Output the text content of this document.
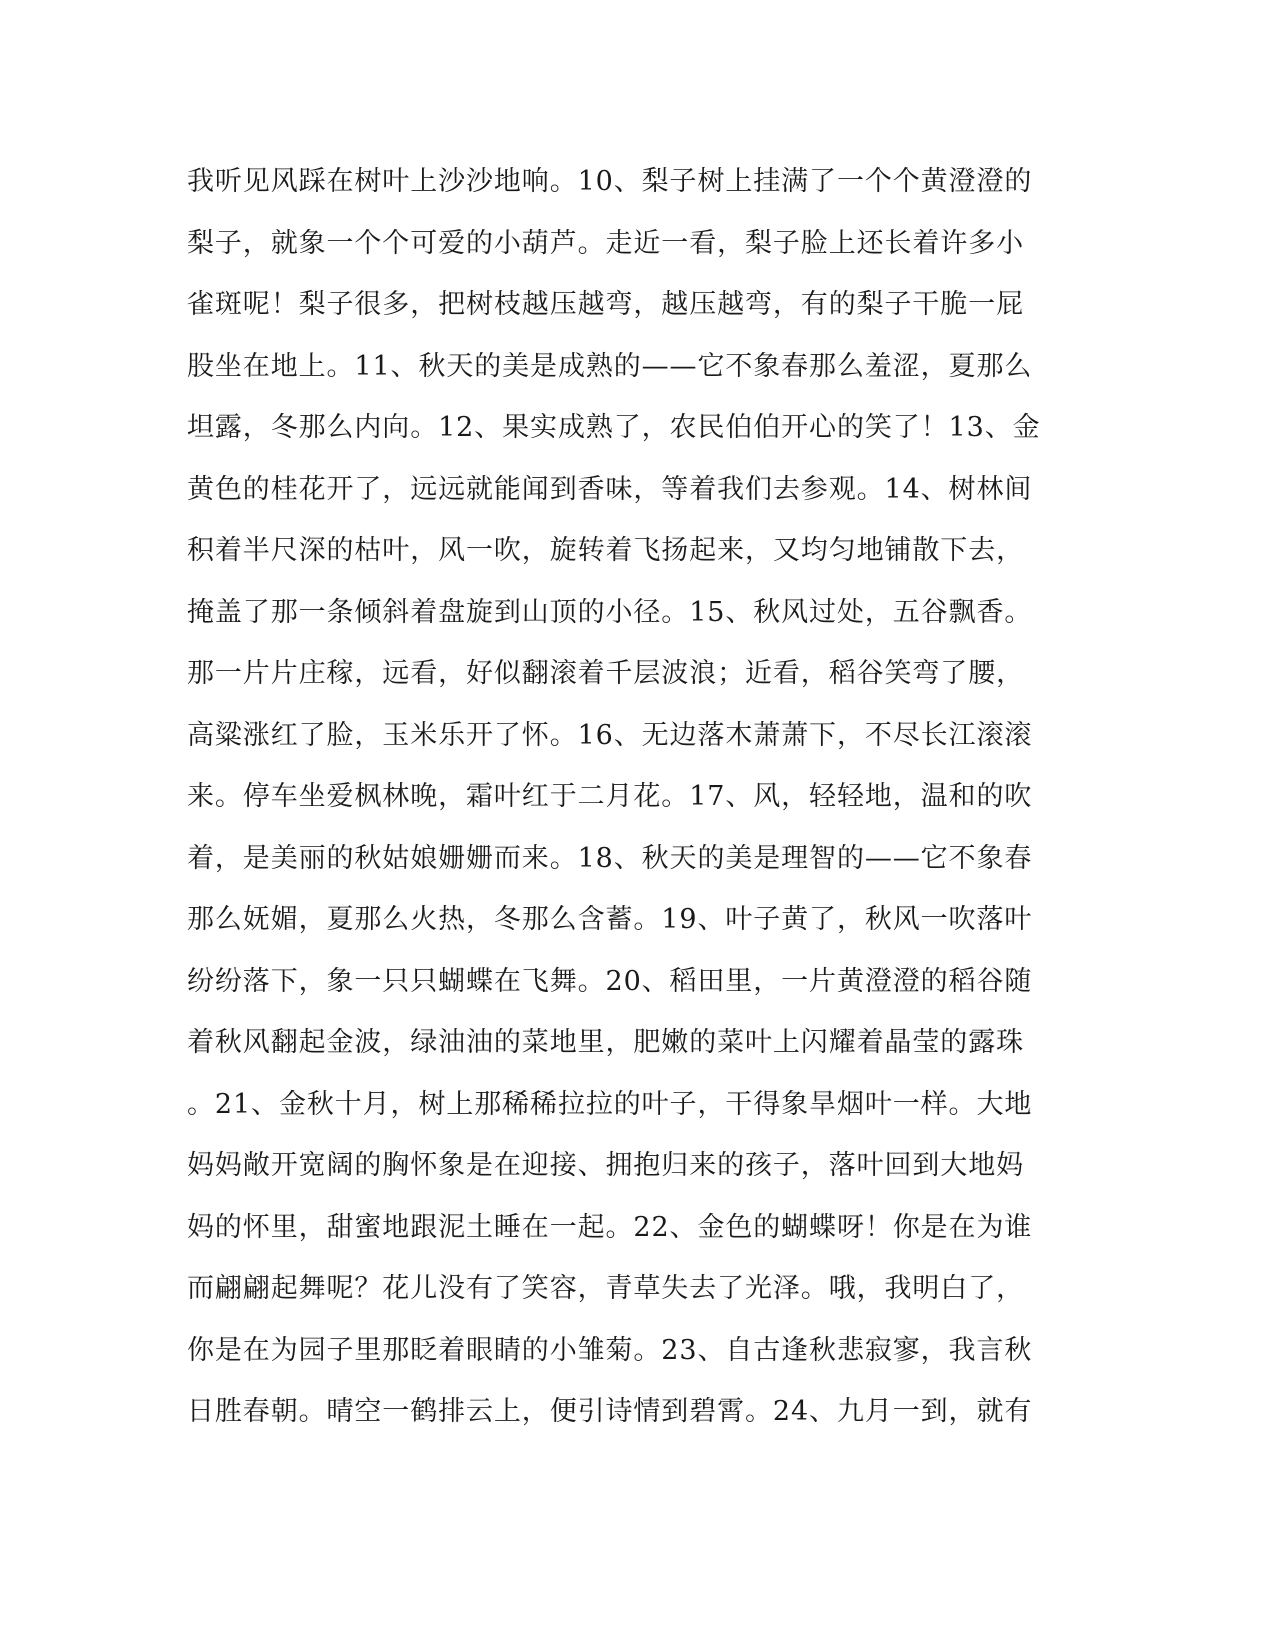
我听见风踩在树叶上沙沙地响。10、梨子树上挂满了一个个黄澄澄的
梨子，就象一个个可爱的小葫芦。走近一看，梨子脸上还长着许多小
雀斑呢！梨子很多，把树枝越压越弯，越压越弯，有的梨子干脆一屁
股坐在地上。11、秋天的美是成熟的——它不象春那么羞涩，夏那么
坦露，冬那么内向。12、果实成熟了，农民伯伯开心的笑了！13、金
黄色的桂花开了，远远就能闻到香味，等着我们去参观。14、树林间
积着半尺深的枯叶，风一吹，旋转着飞扬起来，又均匀地铺散下去，
掩盖了那一条倾斜着盘旋到山顶的小径。15、秋风过处，五谷飘香。
那一片片庄稼，远看，好似翻滚着千层波浪；近看，稻谷笑弯了腰，
高粱涨红了脸，玉米乐开了怀。16、无边落木萧萧下，不尽长江滚滚
来。停车坐爱枫林晚，霜叶红于二月花。17、风，轻轻地，温和的吹
着，是美丽的秋姑娘姗姗而来。18、秋天的美是理智的——它不象春
那么妩媚，夏那么火热，冬那么含蓄。19、叶子黄了，秋风一吹落叶
纷纷落下，象一只只蝴蝶在飞舞。20、稻田里，一片黄澄澄的稻谷随
着秋风翻起金波，绿油油的菜地里，肥嫩的菜叶上闪耀着晶莹的露珠
。21、金秋十月，树上那稀稀拉拉的叶子，干得象旱烟叶一样。大地
妈妈敞开宽阔的胸怀象是在迎接、拥抱归来的孩子，落叶回到大地妈
妈的怀里，甜蜜地跟泥土睡在一起。22、金色的蝴蝶呀！你是在为谁
而翩翩起舞呢？花儿没有了笑容，青草失去了光泽。哦，我明白了，
你是在为园子里那眨着眼睛的小雏菊。23、自古逢秋悲寂寥，我言秋
日胜春朝。晴空一鹤排云上，便引诗情到碧霄。24、九月一到，就有
